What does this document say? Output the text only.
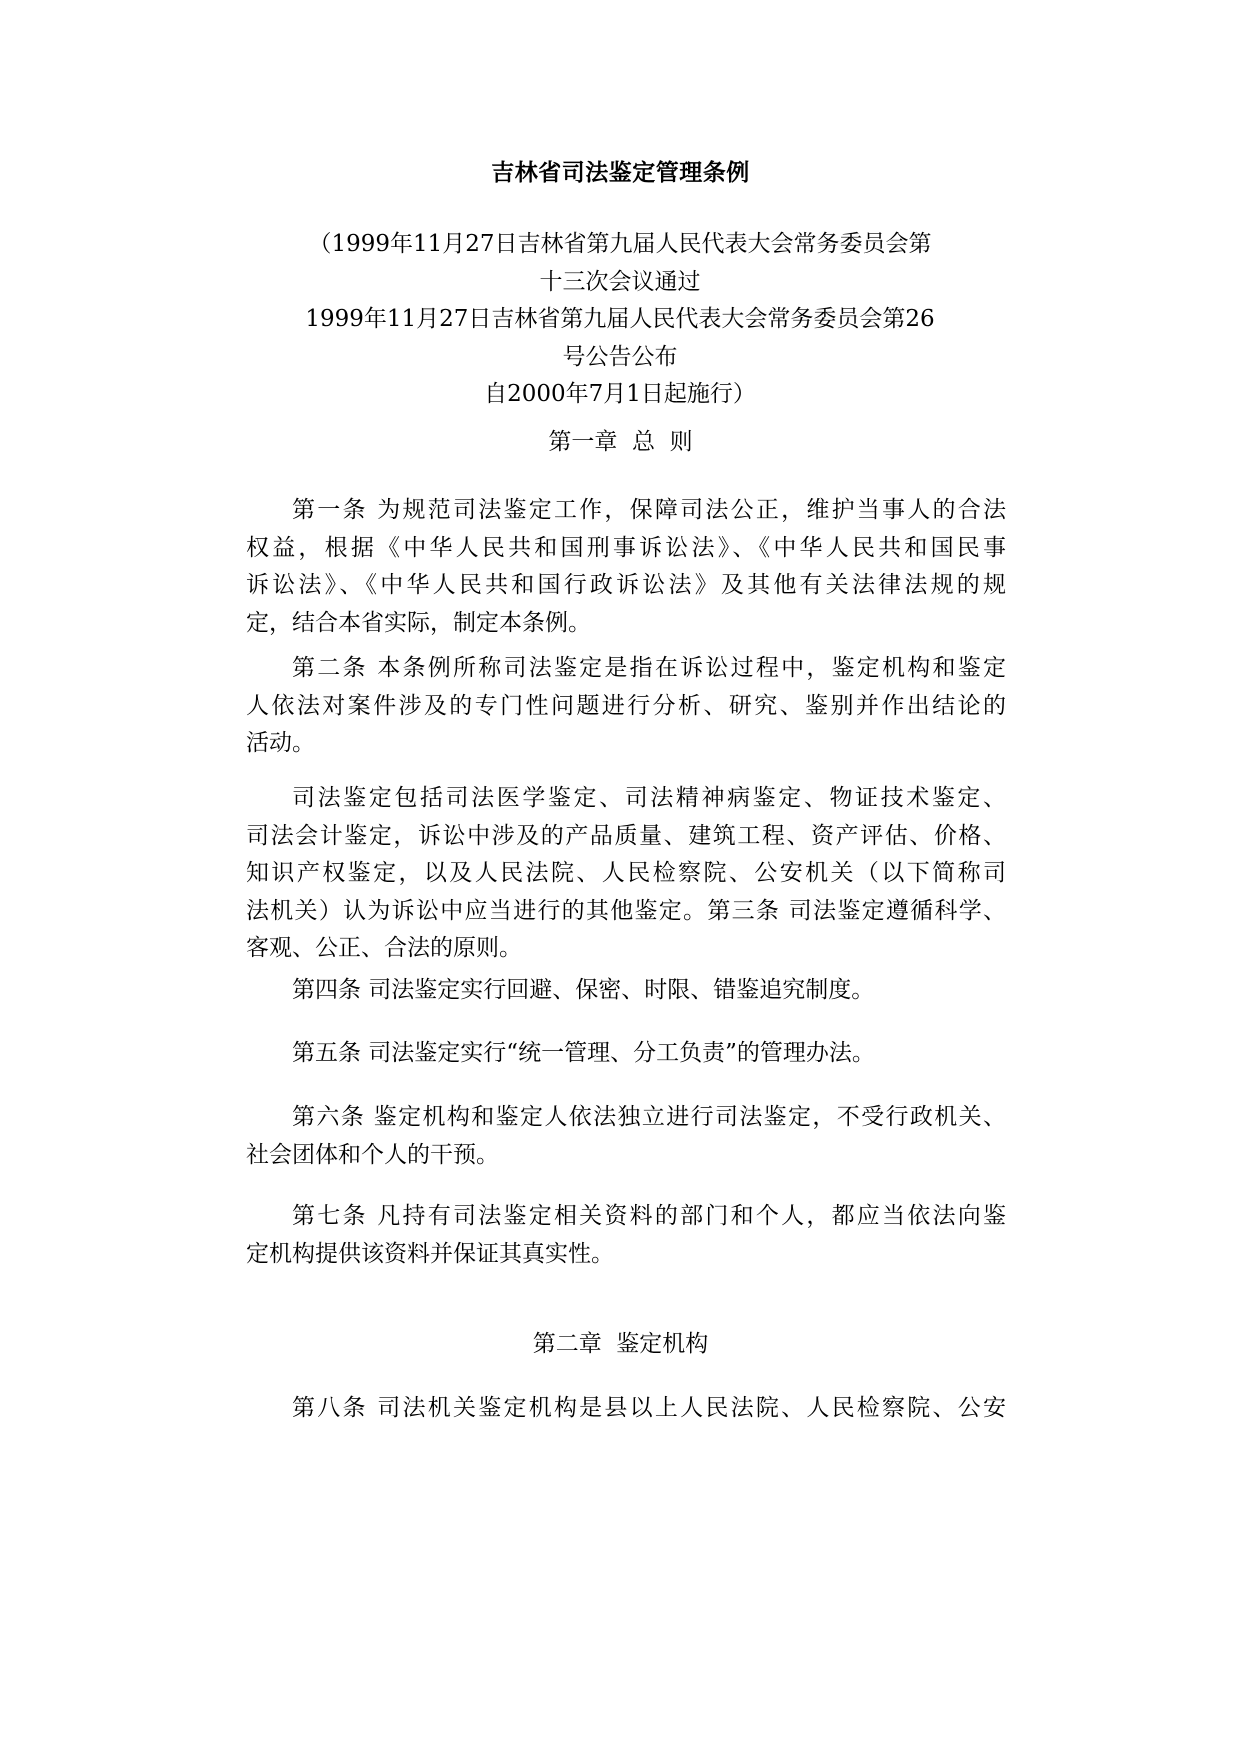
吉林省司法鉴定管理条例
（1999年11月27日吉林省第九届人民代表大会常务委员会第
十三次会议通过
1999年11月27日吉林省第九届人民代表大会常务委员会第26
号公告公布
自2000年7月1日起施行）
第一章  总  则
第一条 为规范司法鉴定工作，保障司法公正，维护当事人的合法
权益，根据《中华人民共和国刑事诉讼法》、《中华人民共和国民事
诉讼法》、《中华人民共和国行政诉讼法》及其他有关法律法规的规
定，结合本省实际，制定本条例。
第二条 本条例所称司法鉴定是指在诉讼过程中，鉴定机构和鉴定
人依法对案件涉及的专门性问题进行分析、研究、鉴别并作出结论的
活动。
司法鉴定包括司法医学鉴定、司法精神病鉴定、物证技术鉴定、
司法会计鉴定，诉讼中涉及的产品质量、建筑工程、资产评估、价格、
知识产权鉴定，以及人民法院、人民检察院、公安机关（以下简称司
法机关）认为诉讼中应当进行的其他鉴定。第三条 司法鉴定遵循科学、
客观、公正、合法的原则。
第四条 司法鉴定实行回避、保密、时限、错鉴追究制度。
第五条 司法鉴定实行“统一管理、分工负责”的管理办法。
第六条 鉴定机构和鉴定人依法独立进行司法鉴定，不受行政机关、
社会团体和个人的干预。
第七条 凡持有司法鉴定相关资料的部门和个人，都应当依法向鉴
定机构提供该资料并保证其真实性。
第二章  鉴定机构
第八条 司法机关鉴定机构是县以上人民法院、人民检察院、公安
